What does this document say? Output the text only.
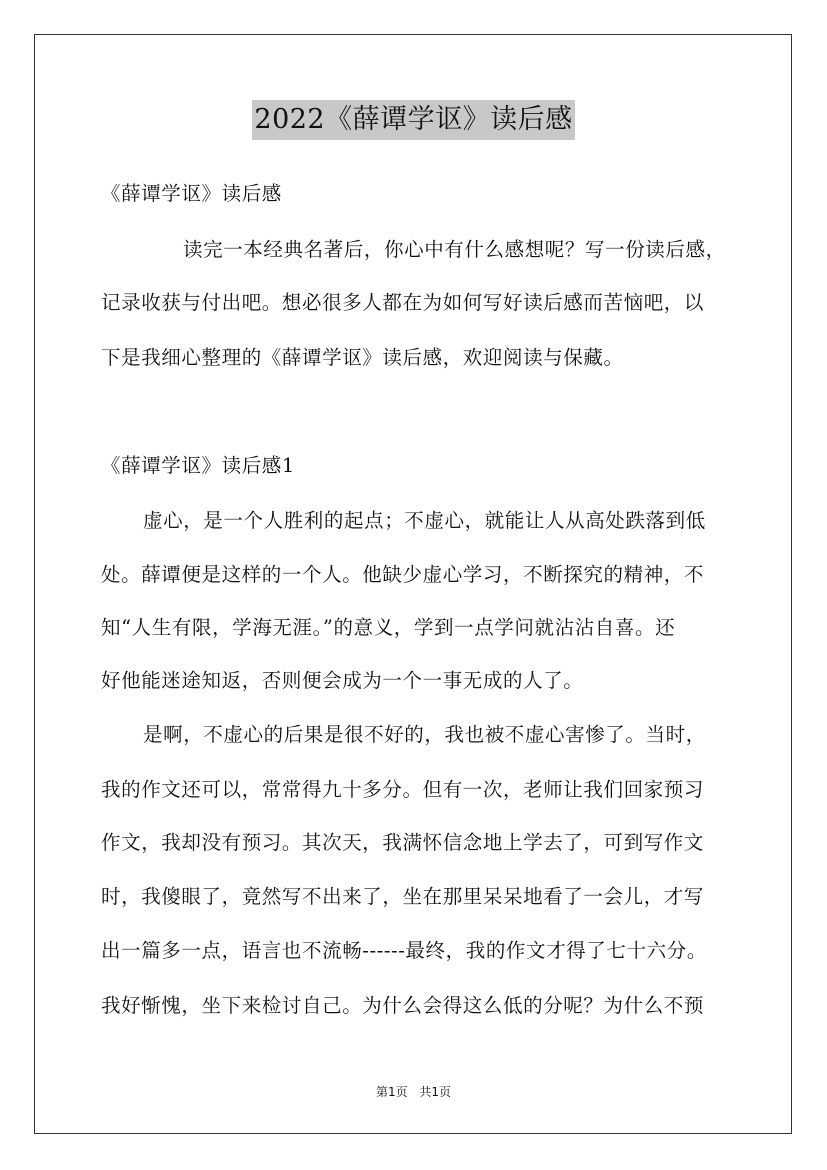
2022《薛谭学讴》读后感
《薛谭学讴》读后感
读完一本经典名著后，你心中有什么感想呢？写一份读后感，
记录收获与付出吧。想必很多人都在为如何写好读后感而苦恼吧，以
下是我细心整理的《薛谭学讴》读后感，欢迎阅读与保藏。
《薛谭学讴》读后感1
虚心，是一个人胜利的起点；不虚心，就能让人从高处跌落到低
处。薛谭便是这样的一个人。他缺少虚心学习，不断探究的精神，不
知“人生有限，学海无涯。”的意义，学到一点学问就沾沾自喜。还
好他能迷途知返，否则便会成为一个一事无成的人了。
是啊，不虚心的后果是很不好的，我也被不虚心害惨了。当时，
我的作文还可以，常常得九十多分。但有一次，老师让我们回家预习
作文，我却没有预习。其次天，我满怀信念地上学去了，可到写作文
时，我傻眼了，竟然写不出来了，坐在那里呆呆地看了一会儿，才写
出一篇多一点，语言也不流畅------最终，我的作文才得了七十六分。
我好惭愧，坐下来检讨自己。为什么会得这么低的分呢？为什么不预
第1页 共1页
